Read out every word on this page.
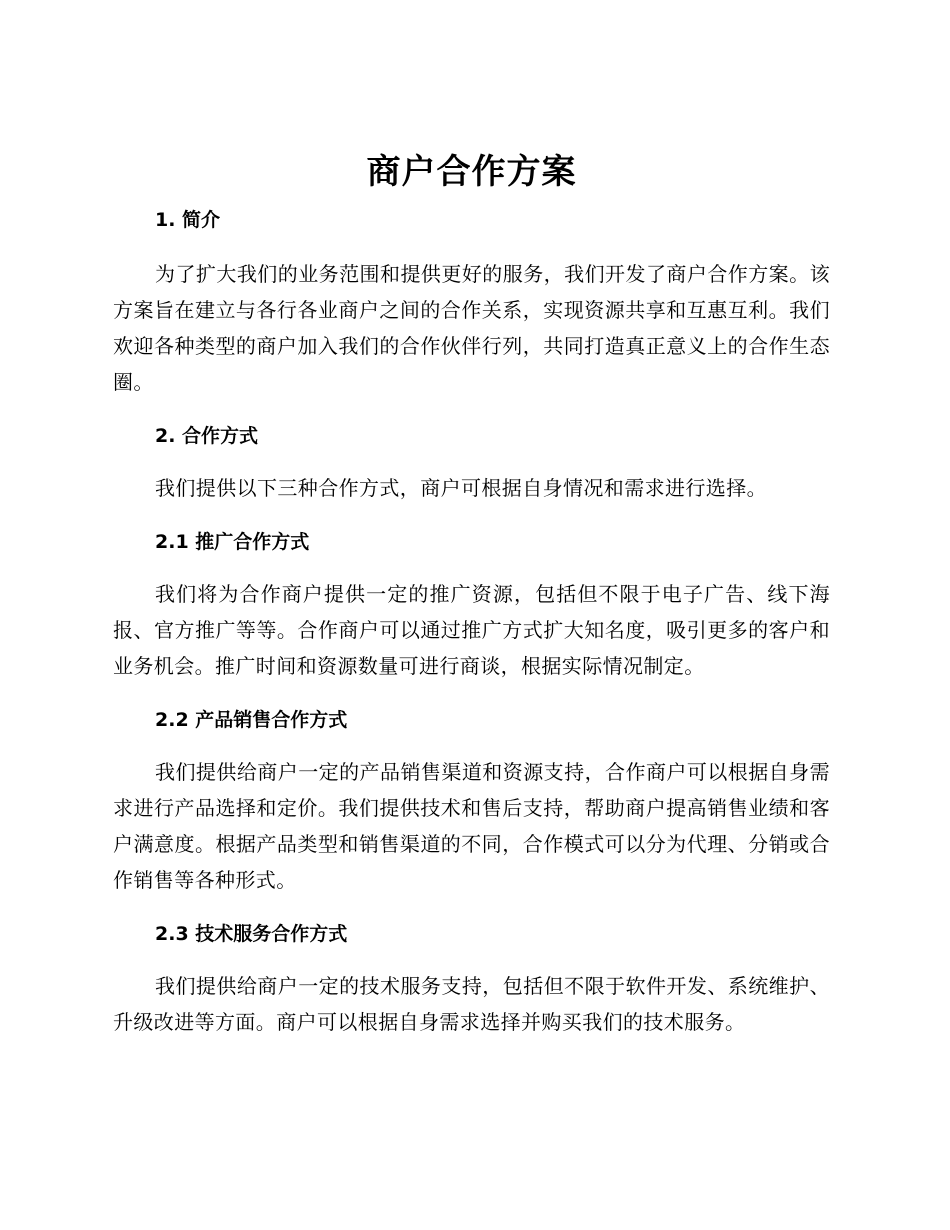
商户合作方案
1. 简介

为了扩大我们的业务范围和提供更好的服务，我们开发了商户合作方案。该方案旨在建立与各行各业商户之间的合作关系，实现资源共享和互惠互利。我们欢迎各种类型的商户加入我们的合作伙伴行列，共同打造真正意义上的合作生态圈。

2. 合作方式

我们提供以下三种合作方式，商户可根据自身情况和需求进行选择。

2.1 推广合作方式

我们将为合作商户提供一定的推广资源，包括但不限于电子广告、线下海报、官方推广等等。合作商户可以通过推广方式扩大知名度，吸引更多的客户和业务机会。推广时间和资源数量可进行商谈，根据实际情况制定。

2.2 产品销售合作方式

我们提供给商户一定的产品销售渠道和资源支持，合作商户可以根据自身需求进行产品选择和定价。我们提供技术和售后支持，帮助商户提高销售业绩和客户满意度。根据产品类型和销售渠道的不同，合作模式可以分为代理、分销或合作销售等各种形式。

2.3 技术服务合作方式

我们提供给商户一定的技术服务支持，包括但不限于软件开发、系统维护、升级改进等方面。商户可以根据自身需求选择并购买我们的技术服务。
